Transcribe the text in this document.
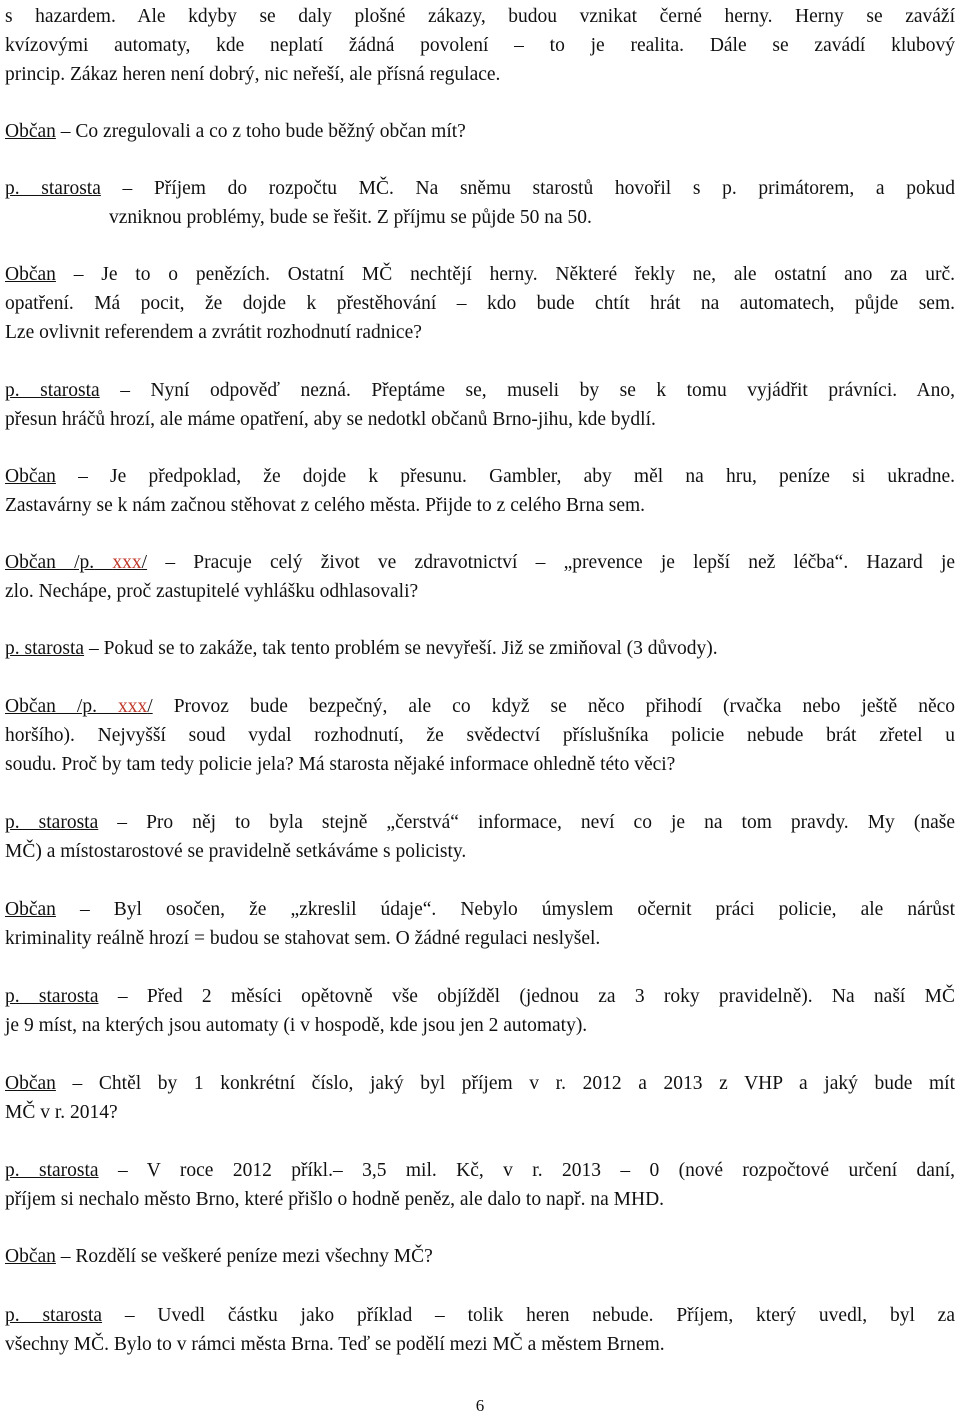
s hazardem. Ale kdyby se daly plošné zákazy, budou vznikat černé herny. Herny se zaváží
kvízovými automaty, kde neplatí žádná povolení – to je realita. Dále se zavádí klubový
princip. Zákaz heren není dobrý, nic neřeší, ale přísná regulace.
Občan – Co zregulovali a co z toho bude běžný občan mít?
p. starosta – Příjem do rozpočtu MČ. Na sněmu starostů hovořil s p. primátorem, a pokud
vzniknou problémy, bude se řešit. Z příjmu se půjde 50 na 50.
Občan – Je to o penězích. Ostatní MČ nechtějí herny. Některé řekly ne, ale ostatní ano za urč.
opatření. Má pocit, že dojde k přestěhování – kdo bude chtít hrát na automatech, půjde sem.
Lze ovlivnit referendem a zvrátit rozhodnutí radnice?
p. starosta – Nyní odpověď nezná. Přeptáme se, museli by se k tomu vyjádřit právníci. Ano,
přesun hráčů hrozí, ale máme opatření, aby se nedotkl občanů Brno-jihu, kde bydlí.
Občan – Je předpoklad, že dojde k přesunu. Gambler, aby měl na hru, peníze si ukradne.
Zastavárny se k nám začnou stěhovat z celého města. Přijde to z celého Brna sem.
Občan /p. xxx/ – Pracuje celý život ve zdravotnictví – „prevence je lepší než léčba“. Hazard je
zlo. Nechápe, proč zastupitelé vyhlášku odhlasovali?
p. starosta – Pokud se to zakáže, tak tento problém se nevyřeší. Již se zmiňoval (3 důvody).
Občan /p. xxx/ Provoz bude bezpečný, ale co když se něco přihodí (rvačka nebo ještě něco
horšího). Nejvyšší soud vydal rozhodnutí, že svědectví příslušníka policie nebude brát zřetel u
soudu. Proč by tam tedy policie jela? Má starosta nějaké informace ohledně této věci?
p. starosta – Pro něj to byla stejně „čerstvá“ informace, neví co je na tom pravdy. My (naše
MČ) a místostarostové se pravidelně setkáváme s policisty.
Občan – Byl osočen, že „zkreslil údaje“. Nebylo úmyslem očernit práci policie, ale nárůst
kriminality reálně hrozí = budou se stahovat sem. O žádné regulaci neslyšel.
p. starosta – Před 2 měsíci opětovně vše objížděl (jednou za 3 roky pravidelně). Na naší MČ
je 9 míst, na kterých jsou automaty (i v hospodě, kde jsou jen 2 automaty).
Občan – Chtěl by 1 konkrétní číslo, jaký byl příjem v r. 2012 a 2013 z VHP a jaký bude mít
MČ v r. 2014?
p. starosta – V roce 2012 příkl.– 3,5 mil. Kč, v r. 2013 – 0 (nové rozpočtové určení daní,
příjem si nechalo město Brno, které přišlo o hodně peněz, ale dalo to např. na MHD.
Občan – Rozdělí se veškeré peníze mezi všechny MČ?
p. starosta – Uvedl částku jako příklad – tolik heren nebude. Příjem, který uvedl, byl za
všechny MČ. Bylo to v rámci města Brna. Teď se podělí mezi MČ a městem Brnem.
6
